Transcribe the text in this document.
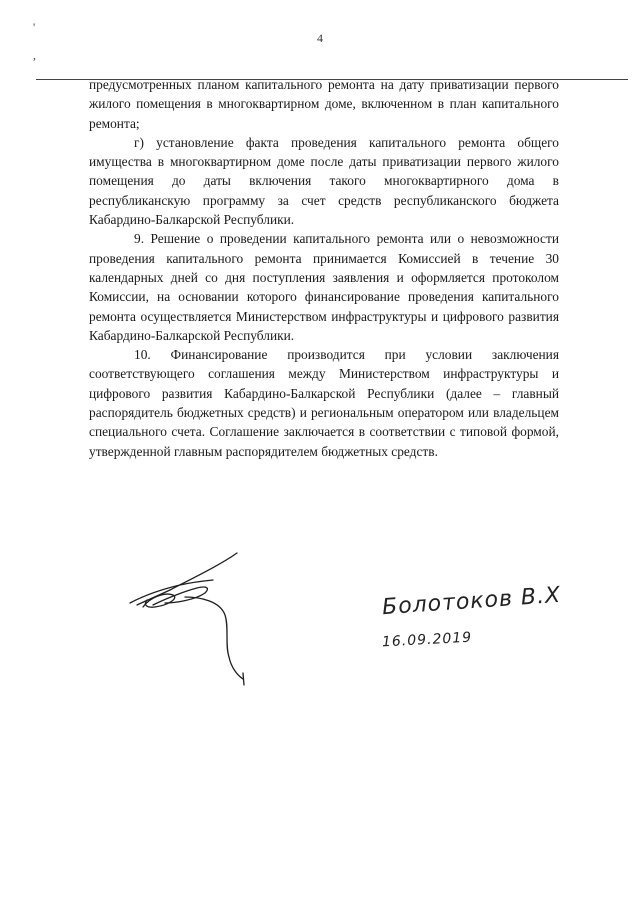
4
'
,

предусмотренных планом капитального ремонта на дату приватизации первого жилого помещения в многоквартирном доме, включенном в план капитального ремонта;

г) установление факта проведения капитального ремонта общего имущества в многоквартирном доме после даты приватизации первого жилого помещения до даты включения такого многоквартирного дома в республиканскую программу за счет средств республиканского бюджета Кабардино-Балкарской Республики.

9. Решение о проведении капитального ремонта или о невозможности проведения капитального ремонта принимается Комиссией в течение 30 календарных дней со дня поступления заявления и оформляется протоколом Комиссии, на основании которого финансирование проведения капитального ремонта осуществляется Министерством инфраструктуры и цифрового развития Кабардино-Балкарской Республики.

10. Финансирование производится при условии заключения соответствующего соглашения между Министерством инфраструктуры и цифрового развития Кабардино-Балкарской Республики (далее – главный распорядитель бюджетных средств) и региональным оператором или владельцем специального счета. Соглашение заключается в соответствии с типовой формой, утвержденной главным распорядителем бюджетных средств.

Болотоков В.Х
16.09.2019
